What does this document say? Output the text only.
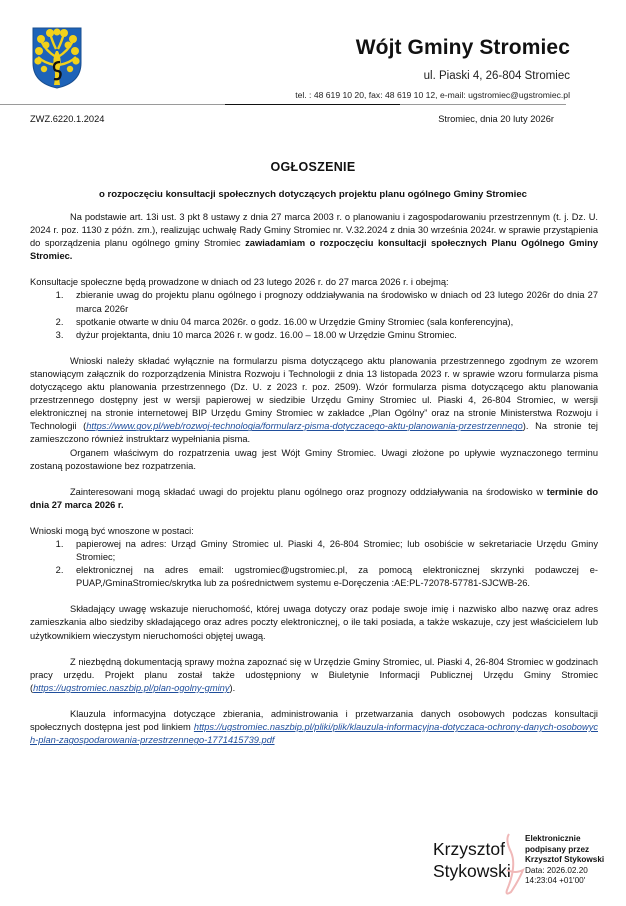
Wójt Gminy Stromiec
ul. Piaski 4, 26-804 Stromiec
tel. : 48 619 10 20, fax: 48 619 10 12, e-mail: ugstromiec@ugstromiec.pl
ZWZ.6220.1.2024	Stromiec, dnia 20 luty 2026r
OGŁOSZENIE
o rozpoczęciu konsultacji społecznych dotyczących projektu planu ogólnego Gminy Stromiec

Na podstawie art. 13i ust. 3 pkt 8 ustawy z dnia 27 marca 2003 r. o planowaniu i zagospodarowaniu przestrzennym (t. j. Dz. U. 2024 r. poz. 1130 z późn. zm.), realizując uchwałę Rady Gminy Stromiec nr. V.32.2024 z dnia 30 września 2024r. w sprawie przystąpienia do sporządzenia planu ogólnego gminy Stromiec zawiadamiam o rozpoczęciu konsultacji społecznych Planu Ogólnego Gminy Stromiec.

Konsultacje społeczne będą prowadzone w dniach od 23 lutego 2026 r. do 27 marca 2026 r. i obejmą:

1. zbieranie uwag do projektu planu ogólnego i prognozy oddziaływania na środowisko w dniach od 23 lutego 2026r do dnia 27 marca 2026r
2. spotkanie otwarte w dniu 04 marca 2026r. o godz. 16.00 w Urzędzie Gminy Stromiec (sala konferencyjna),
3. dyżur projektanta, dniu 10 marca 2026 r. w godz. 16.00 – 18.00 w Urzędzie Gminu Stromiec.

Wnioski należy składać wyłącznie na formularzu pisma dotyczącego aktu planowania przestrzennego zgodnym ze wzorem stanowiącym załącznik do rozporządzenia Ministra Rozwoju i Technologii z dnia 13 listopada 2023 r. w sprawie wzoru formularza pisma dotyczącego aktu planowania przestrzennego (Dz. U. z 2023 r. poz. 2509). Wzór formularza pisma dotyczącego aktu planowania przestrzennego dostępny jest w wersji papierowej w siedzibie Urzędu Gminy Stromiec ul. Piaski 4, 26-804 Stromiec, w wersji elektronicznej na stronie internetowej BIP Urzędu Gminy Stromiec w zakładce „Plan Ogólny” oraz na stronie Ministerstwa Rozwoju i Technologii (https://www.gov.pl/web/rozwoj-technologia/formularz-pisma-dotyczacego-aktu-planowania-przestrzennego). Na stronie tej zamieszczono również instruktarz wypełniania pisma.

Organem właściwym do rozpatrzenia uwag jest Wójt Gminy Stromiec. Uwagi złożone po upływie wyznaczonego terminu zostaną pozostawione bez rozpatrzenia.

Zainteresowani mogą składać uwagi do projektu planu ogólnego oraz prognozy oddziaływania na środowisko w terminie do dnia 27 marca 2026 r.

Wnioski mogą być wnoszone w postaci:

1. papierowej na adres: Urząd Gminy Stromiec ul. Piaski 4, 26-804 Stromiec; lub osobiście w sekretariacie Urzędu Gminy Stromiec;
2. elektronicznej na adres email: ugstromiec@ugstromiec.pl, za pomocą elektronicznej skrzynki podawczej e-PUAP,/GminaStromiec/skrytka lub za pośrednictwem systemu e-Doręczenia :AE:PL-72078-57781-SJCWB-26.

Składający uwagę wskazuje nieruchomość, której uwaga dotyczy oraz podaje swoje imię i nazwisko albo nazwę oraz adres zamieszkania albo siedziby składającego oraz adres poczty elektronicznej, o ile taki posiada, a także wskazuje, czy jest właścicielem lub użytkownikiem wieczystym nieruchomości objętej uwagą.

Z niezbędną dokumentacją sprawy można zapoznać się w Urzędzie Gminy Stromiec, ul. Piaski 4, 26-804 Stromiec w godzinach pracy urzędu. Projekt planu został także udostępniony w Biuletynie Informacji Publicznej Urzędu Gminy Stromiec (https://ugstromiec.naszbip.pl/plan-ogolny-gminy).

Klauzula informacyjna dotyczące zbierania, administrowania i przetwarzania danych osobowych podczas konsultacji społecznych dostępna jest pod linkiem https://ugstromiec.naszbip.pl/pliki/plik/klauzula-informacyjna-dotyczaca-ochrony-danych-osobowych-plan-zagospodarowania-przestrzennego-1771415739.pdf

Krzysztof
Stykowski
Elektronicznie
podpisany przez
Krzysztof Stykowski
Data: 2026.02.20
14:23:04 +01'00'
